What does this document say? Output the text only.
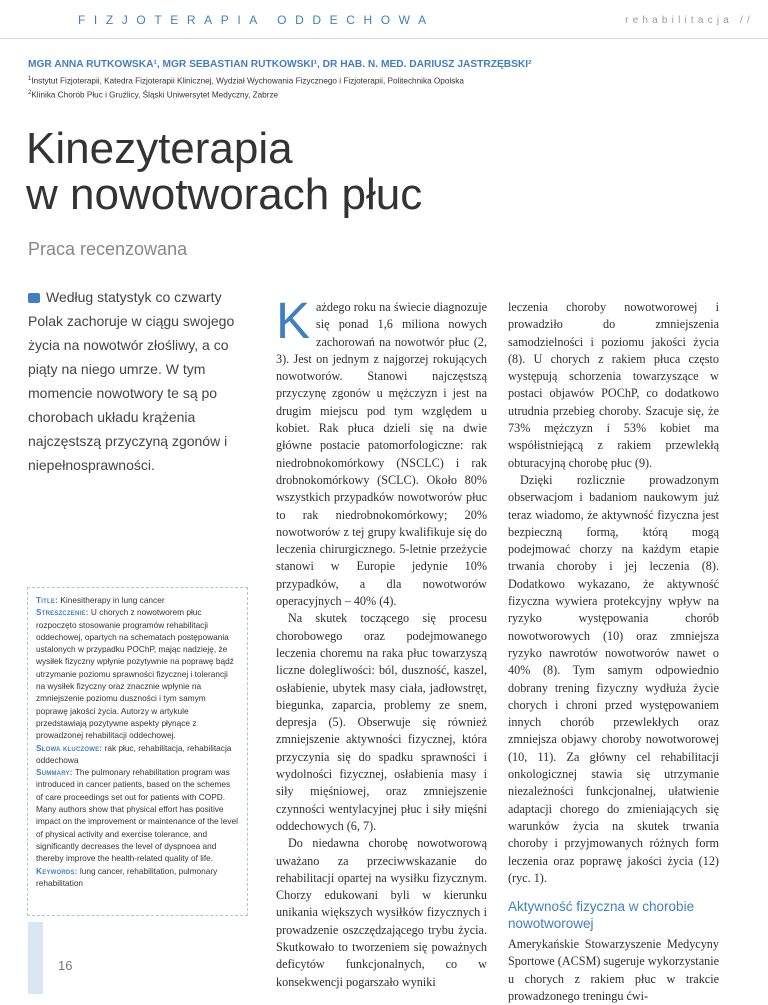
FIZJOTERAPIA ODDECHOWA	rehabilitacja //
MGR ANNA RUTKOWSKA¹, MGR SEBASTIAN RUTKOWSKI¹, DR HAB. N. MED. DARIUSZ JASTRZĘBSKI²
$^1$Instytut Fizjoterapii, Katedra Fizjoterapii Klinicznej, Wydział Wychowania Fizycznego i Fizjoterapii, Politechnika Opolska
$^2$Klinika Chorób Płuc i Gruźlicy, Śląski Uniwersytet Medyczny, Zabrze
Kinezyterapia
w nowotworach płuc
Praca recenzowana
Według statystyk co czwarty Polak zachoruje w ciągu swojego życia na nowotwór złośliwy, a co piąty na niego umrze. W tym momencie nowotwory te są po chorobach układu krążenia najczęstszą przyczyną zgonów i niepełnosprawności.

Title: Kinesitherapy in lung cancer

Streszczenie: U chorych z nowotworem płuc rozpoczęto stosowanie programów rehabilitacji oddechowej, opartych na schematach postępowania ustalonych w przypadku POChP, mając nadzieję, że wysiłek fizyczny wpłynie pozytywnie na poprawę bądź utrzymanie poziomu sprawności fizycznej i tolerancji na wysiłek fizyczny oraz znacznie wpłynie na zmniejszenie poziomu duszności i tym samym poprawę jakości życia. Autorzy w artykule przedstawiają pozytywne aspekty płynące z prowadzonej rehabilitacji oddechowej.

Słowa kluczowe: rak płuc, rehabilitacja, rehabilitacja oddechowa

Summary: The pulmonary rehabilitation program was introduced in cancer patients, based on the schemes of care proceedings set out for patients with COPD. Many authors show that physical effort has positive impact on the improvement or maintenance of the level of physical activity and exercise tolerance, and significantly decreases the level of dyspnoea and thereby improve the health-related quality of life.

Keywords: lung cancer, rehabilitation, pulmonary rehabilitation

16

Każdego roku na świecie diagnozuje się ponad 1,6 miliona nowych zachorowań na nowotwór płuc (2, 3). Jest on jednym z najgorzej rokujących nowotworów. Stanowi najczęstszą przyczynę zgonów u mężczyzn i jest na drugim miejscu pod tym względem u kobiet. Rak płuca dzieli się na dwie główne postacie patomorfologiczne: rak niedrobnokomórkowy (NSCLC) i rak drobnokomórkowy (SCLC). Około 80% wszystkich przypadków nowotworów płuc to rak niedrobnokomórkowy; 20% nowotworów z tej grupy kwalifikuje się do leczenia chirurgicznego. 5-letnie przeżycie stanowi w Europie jedynie 10% przypadków, a dla nowotworów operacyjnych – 40% (4).

Na skutek toczącego się procesu chorobowego oraz podejmowanego leczenia choremu na raka płuc towarzyszą liczne dolegliwości: ból, duszność, kaszel, osłabienie, ubytek masy ciała, jadłowstręt, biegunka, zaparcia, problemy ze snem, depresja (5). Obserwuje się również zmniejszenie aktywności fizycznej, która przyczynia się do spadku sprawności i wydolności fizycznej, osłabienia masy i siły mięśniowej, oraz zmniejszenie czynności wentylacyjnej płuc i siły mięśni oddechowych (6, 7).

Do niedawna chorobę nowotworową uważano za przeciwwskazanie do rehabilitacji opartej na wysiłku fizycznym. Chorzy edukowani byli w kierunku unikania większych wysiłków fizycznych i prowadzenie oszczędzającego trybu życia. Skutkowało to tworzeniem się poważnych deficytów funkcjonalnych, co w konsekwencji pogarszało wyniki

leczenia choroby nowotworowej i prowadziło do zmniejszenia samodzielności i poziomu jakości życia (8). U chorych z rakiem płuca często występują schorzenia towarzyszące w postaci objawów POChP, co dodatkowo utrudnia przebieg choroby. Szacuje się, że 73% mężczyzn i 53% kobiet ma współistniejącą z rakiem przewlekłą obturacyjną chorobę płuc (9).

Dzięki rozlicznie prowadzonym obserwacjom i badaniom naukowym już teraz wiadomo, że aktywność fizyczna jest bezpieczną formą, którą mogą podejmować chorzy na każdym etapie trwania choroby i jej leczenia (8). Dodatkowo wykazano, że aktywność fizyczna wywiera protekcyjny wpływ na ryzyko występowania chorób nowotworowych (10) oraz zmniejsza ryzyko nawrotów nowotworów nawet o 40% (8). Tym samym odpowiednio dobrany trening fizyczny wydłuża życie chorych i chroni przed występowaniem innych chorób przewlekłych oraz zmniejsza objawy choroby nowotworowej (10, 11). Za główny cel rehabilitacji onkologicznej stawia się utrzymanie niezależności funkcjonalnej, ułatwienie adaptacji chorego do zmieniających się warunków życia na skutek trwania choroby i przyjmowanych różnych form leczenia oraz poprawę jakości życia (12) (ryc. 1).

Aktywność fizyczna w chorobie nowotworowej

Amerykańskie Stowarzyszenie Medycyny Sportowe (ACSM) sugeruje wykorzystanie u chorych z rakiem płuc w trakcie prowadzonego treningu ćwi-
